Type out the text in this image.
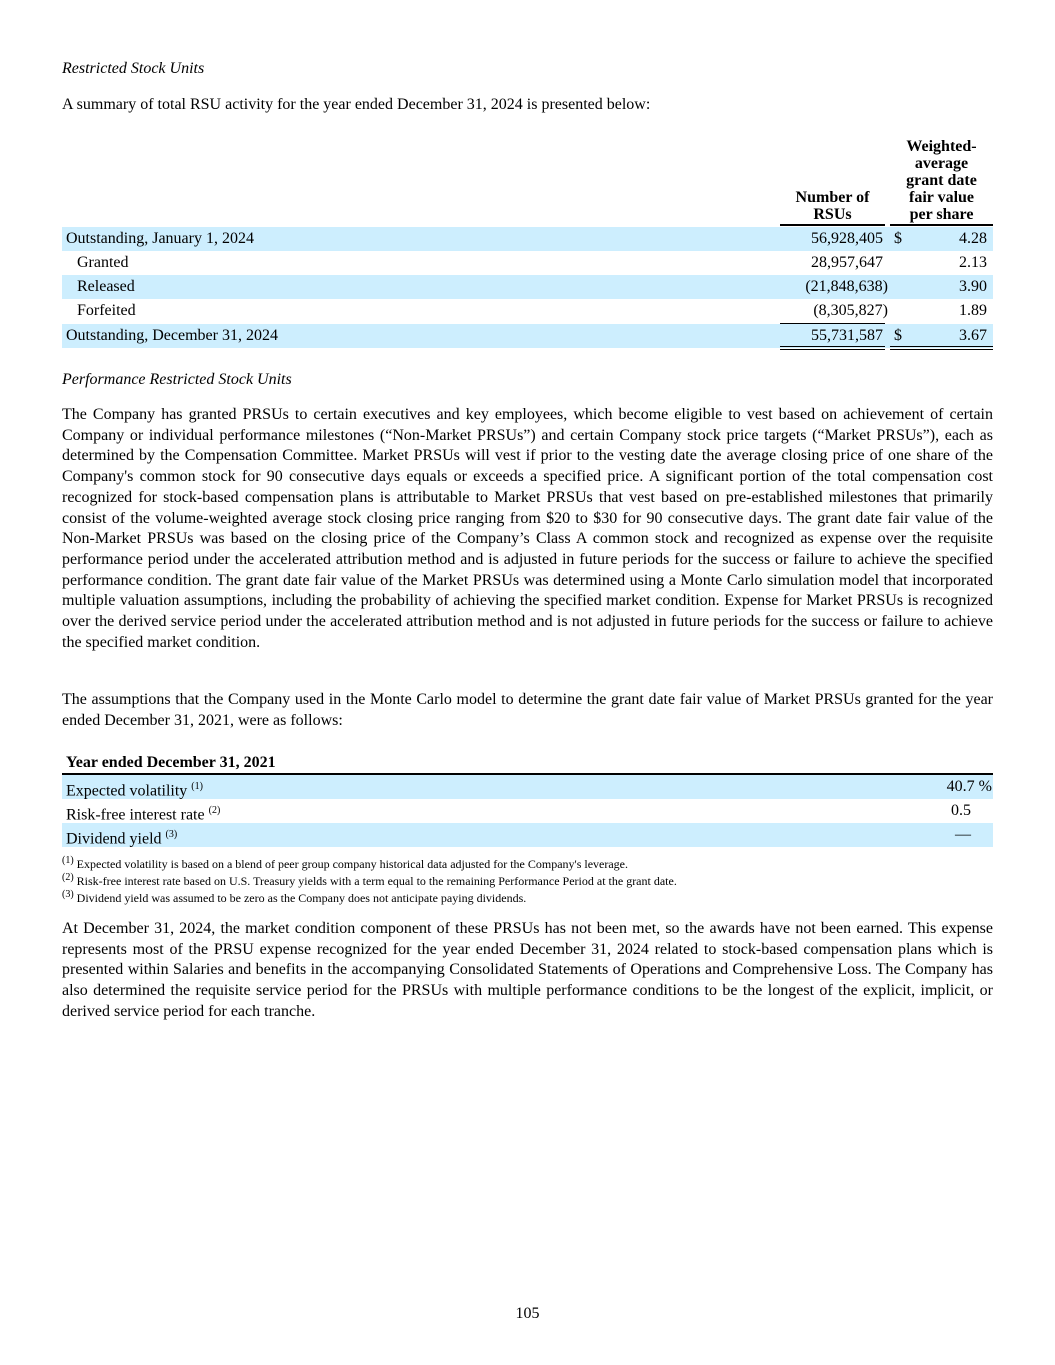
Restricted Stock Units
A summary of total RSU activity for the year ended December 31, 2024 is presented below:
Number of
RSUs
Weighted-
average
grant date
fair value
per share
Outstanding, January 1, 2024	56,928,405 $	4.28
Granted	28,957,647	2.13
Released	(21,848,638)	3.90
Forfeited	(8,305,827)	1.89
Outstanding, December 31, 2024	55,731,587 $	3.67
Performance Restricted Stock Units

The Company has granted PRSUs to certain executives and key employees, which become eligible to vest based on achievement of certain Company or individual performance milestones (“Non-Market PRSUs”) and certain Company stock price targets (“Market PRSUs”), each as determined by the Compensation Committee. Market PRSUs will vest if prior to the vesting date the average closing price of one share of the Company's common stock for 90 consecutive days equals or exceeds a specified price. A significant portion of the total compensation cost recognized for stock-based compensation plans is attributable to Market PRSUs that vest based on pre-established milestones that primarily consist of the volume-weighted average stock closing price ranging from $20 to $30 for 90 consecutive days. The grant date fair value of the Non-Market PRSUs was based on the closing price of the Company’s Class A common stock and recognized as expense over the requisite performance period under the accelerated attribution method and is adjusted in future periods for the success or failure to achieve the specified performance condition. The grant date fair value of the Market PRSUs was determined using a Monte Carlo simulation model that incorporated multiple valuation assumptions, including the probability of achieving the specified market condition. Expense for Market PRSUs is recognized over the derived service period under the accelerated attribution method and is not adjusted in future periods for the success or failure to achieve the specified market condition.

The assumptions that the Company used in the Monte Carlo model to determine the grant date fair value of Market PRSUs granted for the year ended December 31, 2021, were as follows:

Year ended December 31, 2021
Expected volatility $^{(1)}$	40.7 %
Risk-free interest rate $^{(2)}$	0.5
Dividend yield $^{(3)}$	—
$^{(1)}$ Expected volatility is based on a blend of peer group company historical data adjusted for the Company's leverage.
$^{(2)}$ Risk-free interest rate based on U.S. Treasury yields with a term equal to the remaining Performance Period at the grant date.
$^{(3)}$ Dividend yield was assumed to be zero as the Company does not anticipate paying dividends.

At December 31, 2024, the market condition component of these PRSUs has not been met, so the awards have not been earned. This expense represents most of the PRSU expense recognized for the year ended December 31, 2024 related to stock-based compensation plans which is presented within Salaries and benefits in the accompanying Consolidated Statements of Operations and Comprehensive Loss. The Company has also determined the requisite service period for the PRSUs with multiple performance conditions to be the longest of the explicit, implicit, or derived service period for each tranche.

105
